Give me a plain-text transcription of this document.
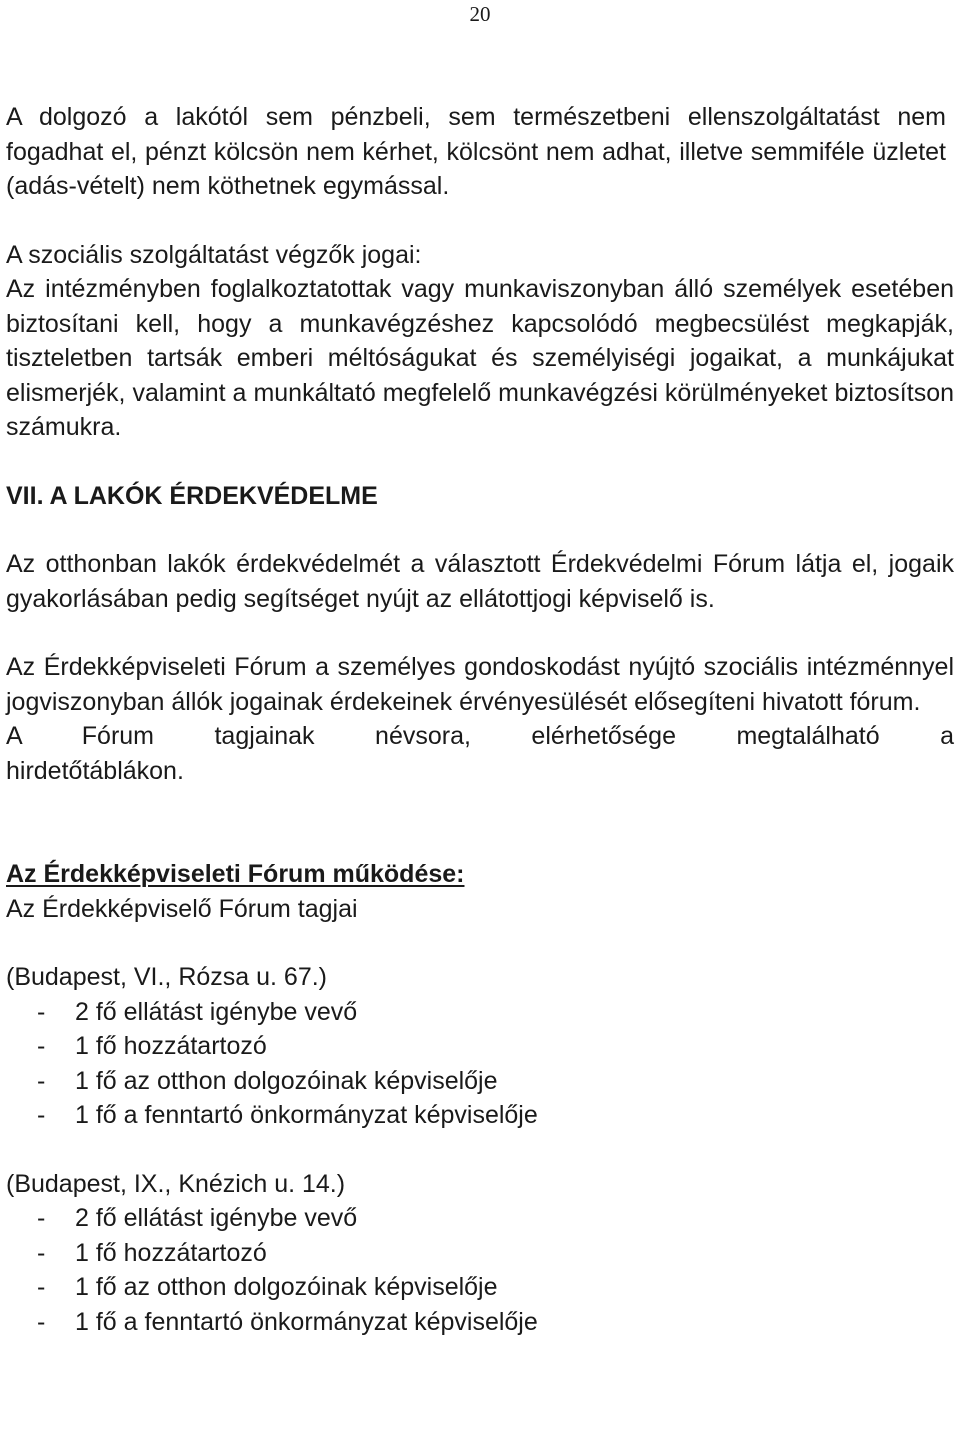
20

A dolgozó a lakótól sem pénzbeli, sem természetbeni ellenszolgáltatást nem fogadhat el, pénzt kölcsön nem kérhet, kölcsönt nem adhat, illetve semmiféle üzletet (adás-vételt) nem köthetnek egymással.

A szociális szolgáltatást végzők jogai:

Az intézményben foglalkoztatottak vagy munkaviszonyban álló személyek esetében biztosítani kell, hogy a munkavégzéshez kapcsolódó megbecsülést megkapják, tiszteletben tartsák emberi méltóságukat és személyiségi jogaikat, a munkájukat elismerjék, valamint a munkáltató megfelelő munkavégzési körülményeket biztosítson számukra.

VII. A LAKÓK ÉRDEKVÉDELME

Az otthonban lakók érdekvédelmét a választott Érdekvédelmi Fórum látja el, jogaik gyakorlásában pedig segítséget nyújt az ellátottjogi képviselő is.

Az Érdekképviseleti Fórum a személyes gondoskodást nyújtó szociális intézménnyel jogviszonyban állók jogainak érdekeinek érvényesülését elősegíteni hivatott fórum.

A Fórum tagjainak névsora, elérhetősége megtalálható a

hirdetőtáblákon.

Az Érdekképviseleti Fórum működése:

Az Érdekképviselő Fórum tagjai

(Budapest, VI., Rózsa u. 67.)

- 2 fő ellátást igénybe vevő
- 1 fő hozzátartozó
- 1 fő az otthon dolgozóinak képviselője
- 1 fő a fenntartó önkormányzat képviselője

(Budapest, IX., Knézich u. 14.)

- 2 fő ellátást igénybe vevő
- 1 fő hozzátartozó
- 1 fő az otthon dolgozóinak képviselője
- 1 fő a fenntartó önkormányzat képviselője
